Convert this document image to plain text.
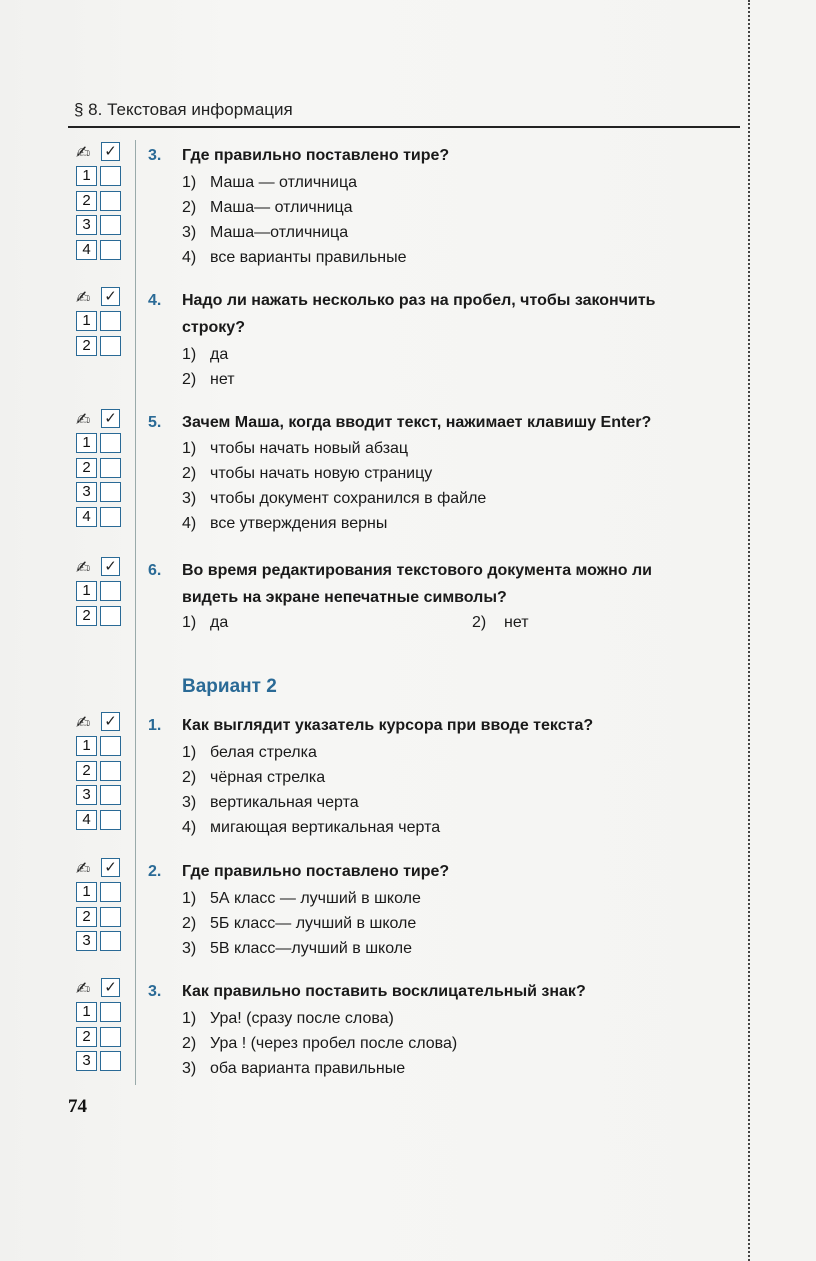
§ 8. Текстовая информация
✍ ✓
1
2
3
4
3. Где правильно поставлено тире?
1) Маша — отличница
2) Маша— отличница
3) Маша—отличница
4) все варианты правильные
✍ ✓
1
2
4. Надо ли нажать несколько раз на пробел, чтобы закончить
строку?
1) да
2) нет
✍ ✓
1
2
3
4
5. Зачем Маша, когда вводит текст, нажимает клавишу Enter?
1) чтобы начать новый абзац
2) чтобы начать новую страницу
3) чтобы документ сохранился в файле
4) все утверждения верны
✍ ✓
1
2
6. Во время редактирования текстового документа можно ли
видеть на экране непечатные символы?
1) да	2) нет
Вариант 2
✍ ✓
1
2
3
4
1. Как выглядит указатель курсора при вводе текста?
1) белая стрелка
2) чёрная стрелка
3) вертикальная черта
4) мигающая вертикальная черта
✍ ✓
1
2
3
2. Где правильно поставлено тире?
1) 5А класс — лучший в школе
2) 5Б класс— лучший в школе
3) 5В класс—лучший в школе
✍ ✓
1
2
3
3. Как правильно поставить восклицательный знак?
1) Ура! (сразу после слова)
2) Ура ! (через пробел после слова)
3) оба варианта правильные
74
